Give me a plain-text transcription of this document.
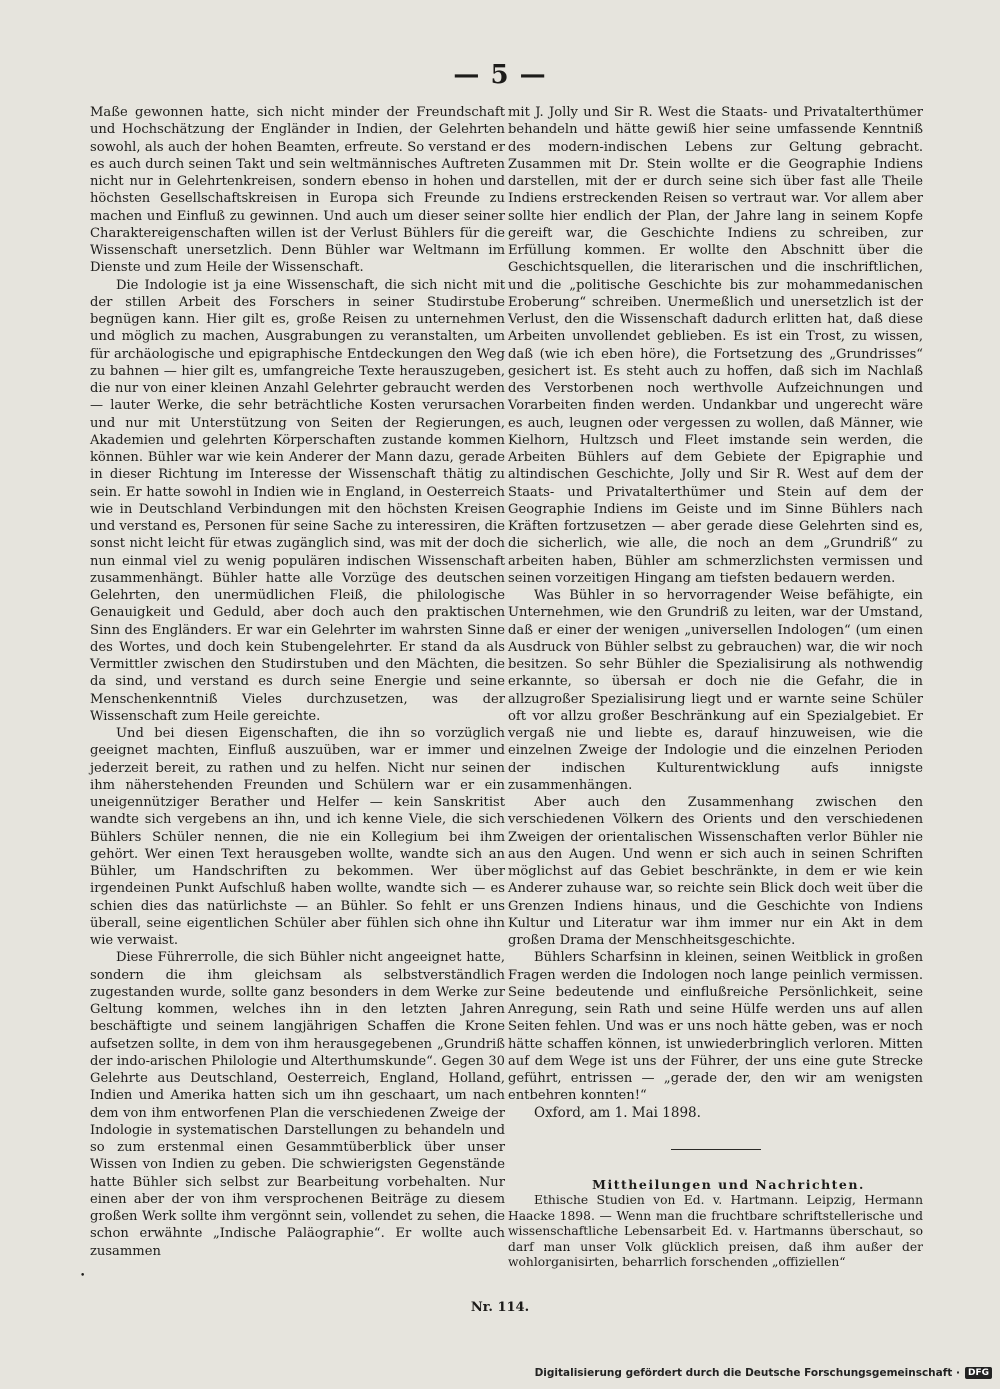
— 5 —

Maße gewonnen hatte, sich nicht minder der Freundschaft und Hochschätzung der Engländer in Indien, der Gelehrten sowohl, als auch der hohen Beamten, erfreute. So verstand er es auch durch seinen Takt und sein weltmännisches Auftreten nicht nur in Gelehrtenkreisen, sondern ebenso in hohen und höchsten Gesellschaftskreisen in Europa sich Freunde zu machen und Einfluß zu gewinnen. Und auch um dieser seiner Charaktereigenschaften willen ist der Verlust Bühlers für die Wissenschaft unersetzlich. Denn Bühler war Weltmann im Dienste und zum Heile der Wissenschaft.

Die Indologie ist ja eine Wissenschaft, die sich nicht mit der stillen Arbeit des Forschers in seiner Studirstube begnügen kann. Hier gilt es, große Reisen zu unternehmen und möglich zu machen, Ausgrabungen zu veranstalten, um für archäologische und epigraphische Entdeckungen den Weg zu bahnen — hier gilt es, umfangreiche Texte herauszugeben, die nur von einer kleinen Anzahl Gelehrter gebraucht werden — lauter Werke, die sehr beträchtliche Kosten verursachen und nur mit Unterstützung von Seiten der Regierungen, Akademien und gelehrten Körperschaften zustande kommen können. Bühler war wie kein Anderer der Mann dazu, gerade in dieser Richtung im Interesse der Wissenschaft thätig zu sein. Er hatte sowohl in Indien wie in England, in Oesterreich wie in Deutschland Verbindungen mit den höchsten Kreisen und verstand es, Personen für seine Sache zu interessiren, die sonst nicht leicht für etwas zugänglich sind, was mit der doch nun einmal viel zu wenig populären indischen Wissenschaft zusammenhängt. Bühler hatte alle Vorzüge des deutschen Gelehrten, den unermüdlichen Fleiß, die philologische Genauigkeit und Geduld, aber doch auch den praktischen Sinn des Engländers. Er war ein Gelehrter im wahrsten Sinne des Wortes, und doch kein Stubengelehrter. Er stand da als Vermittler zwischen den Studirstuben und den Mächten, die da sind, und verstand es durch seine Energie und seine Menschenkenntniß Vieles durchzusetzen, was der Wissenschaft zum Heile gereichte.

Und bei diesen Eigenschaften, die ihn so vorzüglich geeignet machten, Einfluß auszuüben, war er immer und jederzeit bereit, zu rathen und zu helfen. Nicht nur seinen ihm näherstehenden Freunden und Schülern war er ein uneigennütziger Berather und Helfer — kein Sanskritist wandte sich vergebens an ihn, und ich kenne Viele, die sich Bühlers Schüler nennen, die nie ein Kollegium bei ihm gehört. Wer einen Text herausgeben wollte, wandte sich an Bühler, um Handschriften zu bekommen. Wer über irgendeinen Punkt Aufschluß haben wollte, wandte sich — es schien dies das natürlichste — an Bühler. So fehlt er uns überall, seine eigentlichen Schüler aber fühlen sich ohne ihn wie verwaist.

Diese Führerrolle, die sich Bühler nicht angeeignet hatte, sondern die ihm gleichsam als selbstverständlich zugestanden wurde, sollte ganz besonders in dem Werke zur Geltung kommen, welches ihn in den letzten Jahren beschäftigte und seinem langjährigen Schaffen die Krone aufsetzen sollte, in dem von ihm herausgegebenen „Grundriß der indo-arischen Philologie und Alterthumskunde“. Gegen 30 Gelehrte aus Deutschland, Oesterreich, England, Holland, Indien und Amerika hatten sich um ihn geschaart, um nach dem von ihm entworfenen Plan die verschiedenen Zweige der Indologie in systematischen Darstellungen zu behandeln und so zum erstenmal einen Gesammtüberblick über unser Wissen von Indien zu geben. Die schwierigsten Gegenstände hatte Bühler sich selbst zur Bearbeitung vorbehalten. Nur einen aber der von ihm versprochenen Beiträge zu diesem großen Werk sollte ihm vergönnt sein, vollendet zu sehen, die schon erwähnte „Indische Paläographie“. Er wollte auch zusammen

•

mit J. Jolly und Sir R. West die Staats- und Privatalterthümer behandeln und hätte gewiß hier seine umfassende Kenntniß des modern-indischen Lebens zur Geltung gebracht. Zusammen mit Dr. Stein wollte er die Geographie Indiens darstellen, mit der er durch seine sich über fast alle Theile Indiens erstreckenden Reisen so vertraut war. Vor allem aber sollte hier endlich der Plan, der Jahre lang in seinem Kopfe gereift war, die Geschichte Indiens zu schreiben, zur Erfüllung kommen. Er wollte den Abschnitt über die Geschichtsquellen, die literarischen und die inschriftlichen, und die „politische Geschichte bis zur mohammedanischen Eroberung“ schreiben. Unermeßlich und unersetzlich ist der Verlust, den die Wissenschaft dadurch erlitten hat, daß diese Arbeiten unvollendet geblieben. Es ist ein Trost, zu wissen, daß (wie ich eben höre), die Fortsetzung des „Grundrisses“ gesichert ist. Es steht auch zu hoffen, daß sich im Nachlaß des Verstorbenen noch werthvolle Aufzeichnungen und Vorarbeiten finden werden. Undankbar und ungerecht wäre es auch, leugnen oder vergessen zu wollen, daß Männer, wie Kielhorn, Hultzsch und Fleet imstande sein werden, die Arbeiten Bühlers auf dem Gebiete der Epigraphie und altindischen Geschichte, Jolly und Sir R. West auf dem der Staats- und Privatalterthümer und Stein auf dem der Geographie Indiens im Geiste und im Sinne Bühlers nach Kräften fortzusetzen — aber gerade diese Gelehrten sind es, die sicherlich, wie alle, die noch an dem „Grundriß“ zu arbeiten haben, Bühler am schmerzlichsten vermissen und seinen vorzeitigen Hingang am tiefsten bedauern werden.

Was Bühler in so hervorragender Weise befähigte, ein Unternehmen, wie den Grundriß zu leiten, war der Umstand, daß er einer der wenigen „universellen Indologen“ (um einen Ausdruck von Bühler selbst zu gebrauchen) war, die wir noch besitzen. So sehr Bühler die Spezialisirung als nothwendig erkannte, so übersah er doch nie die Gefahr, die in allzugroßer Spezialisirung liegt und er warnte seine Schüler oft vor allzu großer Beschränkung auf ein Spezialgebiet. Er vergaß nie und liebte es, darauf hinzuweisen, wie die einzelnen Zweige der Indologie und die einzelnen Perioden der indischen Kulturentwicklung aufs innigste zusammenhängen.

Aber auch den Zusammenhang zwischen den verschiedenen Völkern des Orients und den verschiedenen Zweigen der orientalischen Wissenschaften verlor Bühler nie aus den Augen. Und wenn er sich auch in seinen Schriften möglichst auf das Gebiet beschränkte, in dem er wie kein Anderer zuhause war, so reichte sein Blick doch weit über die Grenzen Indiens hinaus, und die Geschichte von Indiens Kultur und Literatur war ihm immer nur ein Akt in dem großen Drama der Menschheitsgeschichte.

Bühlers Scharfsinn in kleinen, seinen Weitblick in großen Fragen werden die Indologen noch lange peinlich vermissen. Seine bedeutende und einflußreiche Persönlichkeit, seine Anregung, sein Rath und seine Hülfe werden uns auf allen Seiten fehlen. Und was er uns noch hätte geben, was er noch hätte schaffen können, ist unwiederbringlich verloren. Mitten auf dem Wege ist uns der Führer, der uns eine gute Strecke geführt, entrissen — „gerade der, den wir am wenigsten entbehren konnten!“

Oxford, am 1. Mai 1898.

Mittheilungen und Nachrichten.

Ethische Studien von Ed. v. Hartmann. Leipzig, Hermann Haacke 1898. — Wenn man die fruchtbare schriftstellerische und wissenschaftliche Lebensarbeit Ed. v. Hartmanns überschaut, so darf man unser Volk glücklich preisen, daß ihm außer der wohlorganisirten, beharrlich forschenden „offiziellen“

Nr. 114.
Digitalisierung gefördert durch die Deutsche Forschungsgemeinschaft · DFG
